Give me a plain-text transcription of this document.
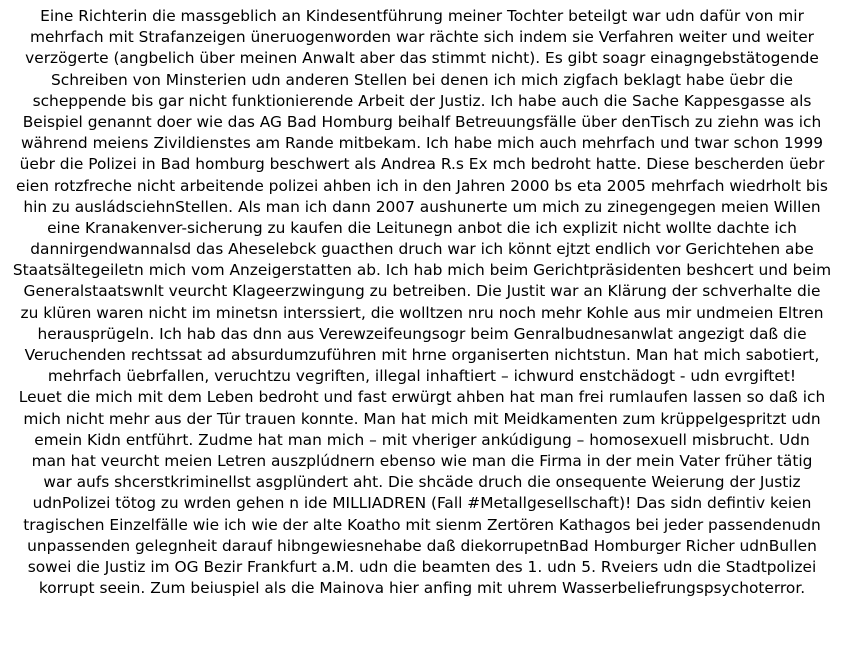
Eine Richterin die massgeblich an Kindesentführung meiner Tochter beteilgt war udn dafür von mir
mehrfach mit Strafanzeigen üneruogenworden war rächte sich indem sie Verfahren weiter und weiter
verzögerte (angbelich über meinen Anwalt aber das stimmt nicht). Es gibt soagr einagngebstätogende
Schreiben von Minsterien udn anderen Stellen bei denen ich mich zigfach beklagt habe üebr die
scheppende bis gar nicht funktionierende Arbeit der Justiz. Ich habe auch die Sache Kappesgasse als
Beispiel genannt doer wie das AG Bad Homburg beihalf Betreuungsfälle über denTisch zu ziehn was ich
während meiens Zivildienstes am Rande mitbekam. Ich habe mich auch mehrfach und twar schon 1999
üebr die Polizei in Bad homburg beschwert als Andrea R.s Ex mch bedroht hatte. Diese bescherden üebr
eien rotzfreche nicht arbeitende polizei ahben ich in den Jahren 2000 bs eta 2005 mehrfach wiedrholt bis
hin zu ausládsciehnStellen. Als man ich dann 2007 aushunerte um mich zu zinegengegen meien Willen
eine Kranakenver-sicherung zu kaufen die Leitunegn anbot die ich explizit nicht wollte dachte ich
dannirgendwannalsd das Aheselebck guacthen druch war ich könnt ejtzt endlich vor Gerichtehen abe
Staatsältegeiletn mich vom Anzeigerstatten ab. Ich hab mich beim Gerichtpräsidenten beshcert und beim
Generalstaatswnlt veurcht Klageerzwingung zu betreiben. Die Justit war an Klärung der schverhalte die
zu klüren waren nicht im minetsn interssiert, die wolltzen nru noch mehr Kohle aus mir undmeien Eltren
herausprügeln. Ich hab das dnn aus Verewzeifeungsogr beim Genralbudnesanwlat angezigt daß die
Veruchenden rechtssat ad absurdumzuführen mit hrne organiserten nichtstun. Man hat mich sabotiert,
mehrfach üebrfallen, veruchtzu vegriften, illegal inhaftiert – ichwurd enstchädogt - udn evrgiftet!
Leuet die mich mit dem Leben bedroht und fast erwürgt ahben hat man frei rumlaufen lassen so daß ich
mich nicht mehr aus der Tür trauen konnte. Man hat mich mit Meidkamenten zum krüppelgespritzt udn
emein Kidn entführt. Zudme hat man mich – mit vheriger ankúdigung – homosexuell misbrucht. Udn
man hat veurcht meien Letren auszplúdnern ebenso wie man die Firma in der mein Vater früher tätig
war aufs shcerstkriminellst asgplündert aht. Die shcäde druch die onsequente Weierung der Justiz
udnPolizei tötog zu wrden gehen n ide MILLIADREN (Fall #Metallgesellschaft)! Das sidn defintiv keien
tragischen Einzelfälle wie ich wie der alte Koatho mit sienm Zertören Kathagos bei jeder passendenudn
unpassenden gelegnheit darauf hibngewiesnehabe daß diekorrupetnBad Homburger Richer udnBullen
sowei die Justiz im OG Bezir Frankfurt a.M. udn die beamten des 1. udn 5. Rveiers udn die Stadtpolizei
korrupt seein. Zum beiuspiel als die Mainova hier anfing mit uhrem Wasserbeliefrungspsychoterror.
